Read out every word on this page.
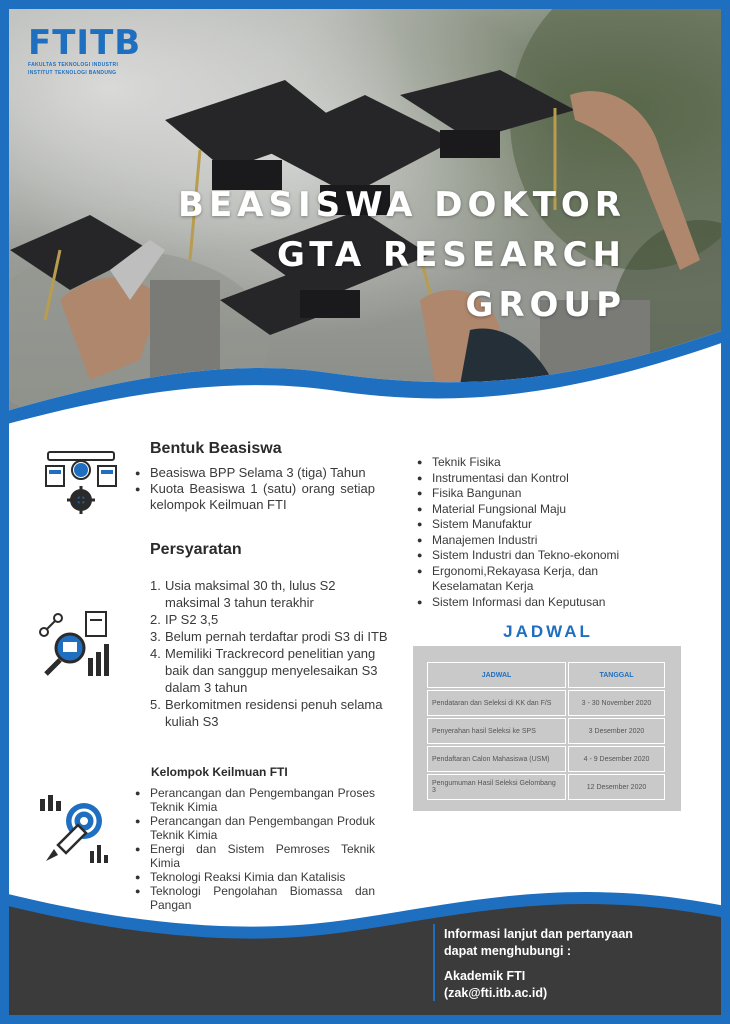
FTITB
FAKULTAS TEKNOLOGI INDUSTRI
INSTITUT TEKNOLOGI BANDUNG
BEASISWA DOKTOR
GTA RESEARCH
GROUP
Bentuk Beasiswa
● Beasiswa BPP Selama 3 (tiga) Tahun
● Kuota Beasiswa 1 (satu) orang setiap kelompok Keilmuan FTI
Persyaratan
1. Usia maksimal 30 th, lulus S2 maksimal 3 tahun terakhir
2. IP S2 3,5
3. Belum pernah terdaftar prodi S3 di ITB
4. Memiliki Trackrecord penelitian yang baik dan sanggup menyelesaikan S3 dalam 3 tahun
5. Berkomitmen residensi penuh selama kuliah S3
Kelompok Keilmuan FTI
● Perancangan dan Pengembangan Proses Teknik Kimia
● Perancangan dan Pengembangan Produk Teknik Kimia
● Energi dan Sistem Pemroses Teknik Kimia
● Teknologi Reaksi Kimia dan Katalisis
● Teknologi Pengolahan Biomassa dan Pangan
● Teknik Fisika
● Instrumentasi dan Kontrol
● Fisika Bangunan
● Material Fungsional Maju
● Sistem Manufaktur
● Manajemen Industri
● Sistem Industri dan Tekno-ekonomi
● Ergonomi,Rekayasa Kerja, dan Keselamatan Kerja
● Sistem Informasi dan Keputusan
JADWAL
JADWAL	TANGGAL
Pendataran dan Seleksi di KK dan F/S	3 - 30 November 2020
Penyerahan hasil Seleksi ke SPS	3 Desember 2020
Pendaftaran Calon Mahasiswa (USM)	4 - 9 Desember 2020
Pengumuman Hasil Seleksi Gelombang 3	12 Desember 2020
Informasi lanjut dan pertanyaan
dapat menghubungi :
Akademik FTI
(zak@fti.itb.ac.id)
